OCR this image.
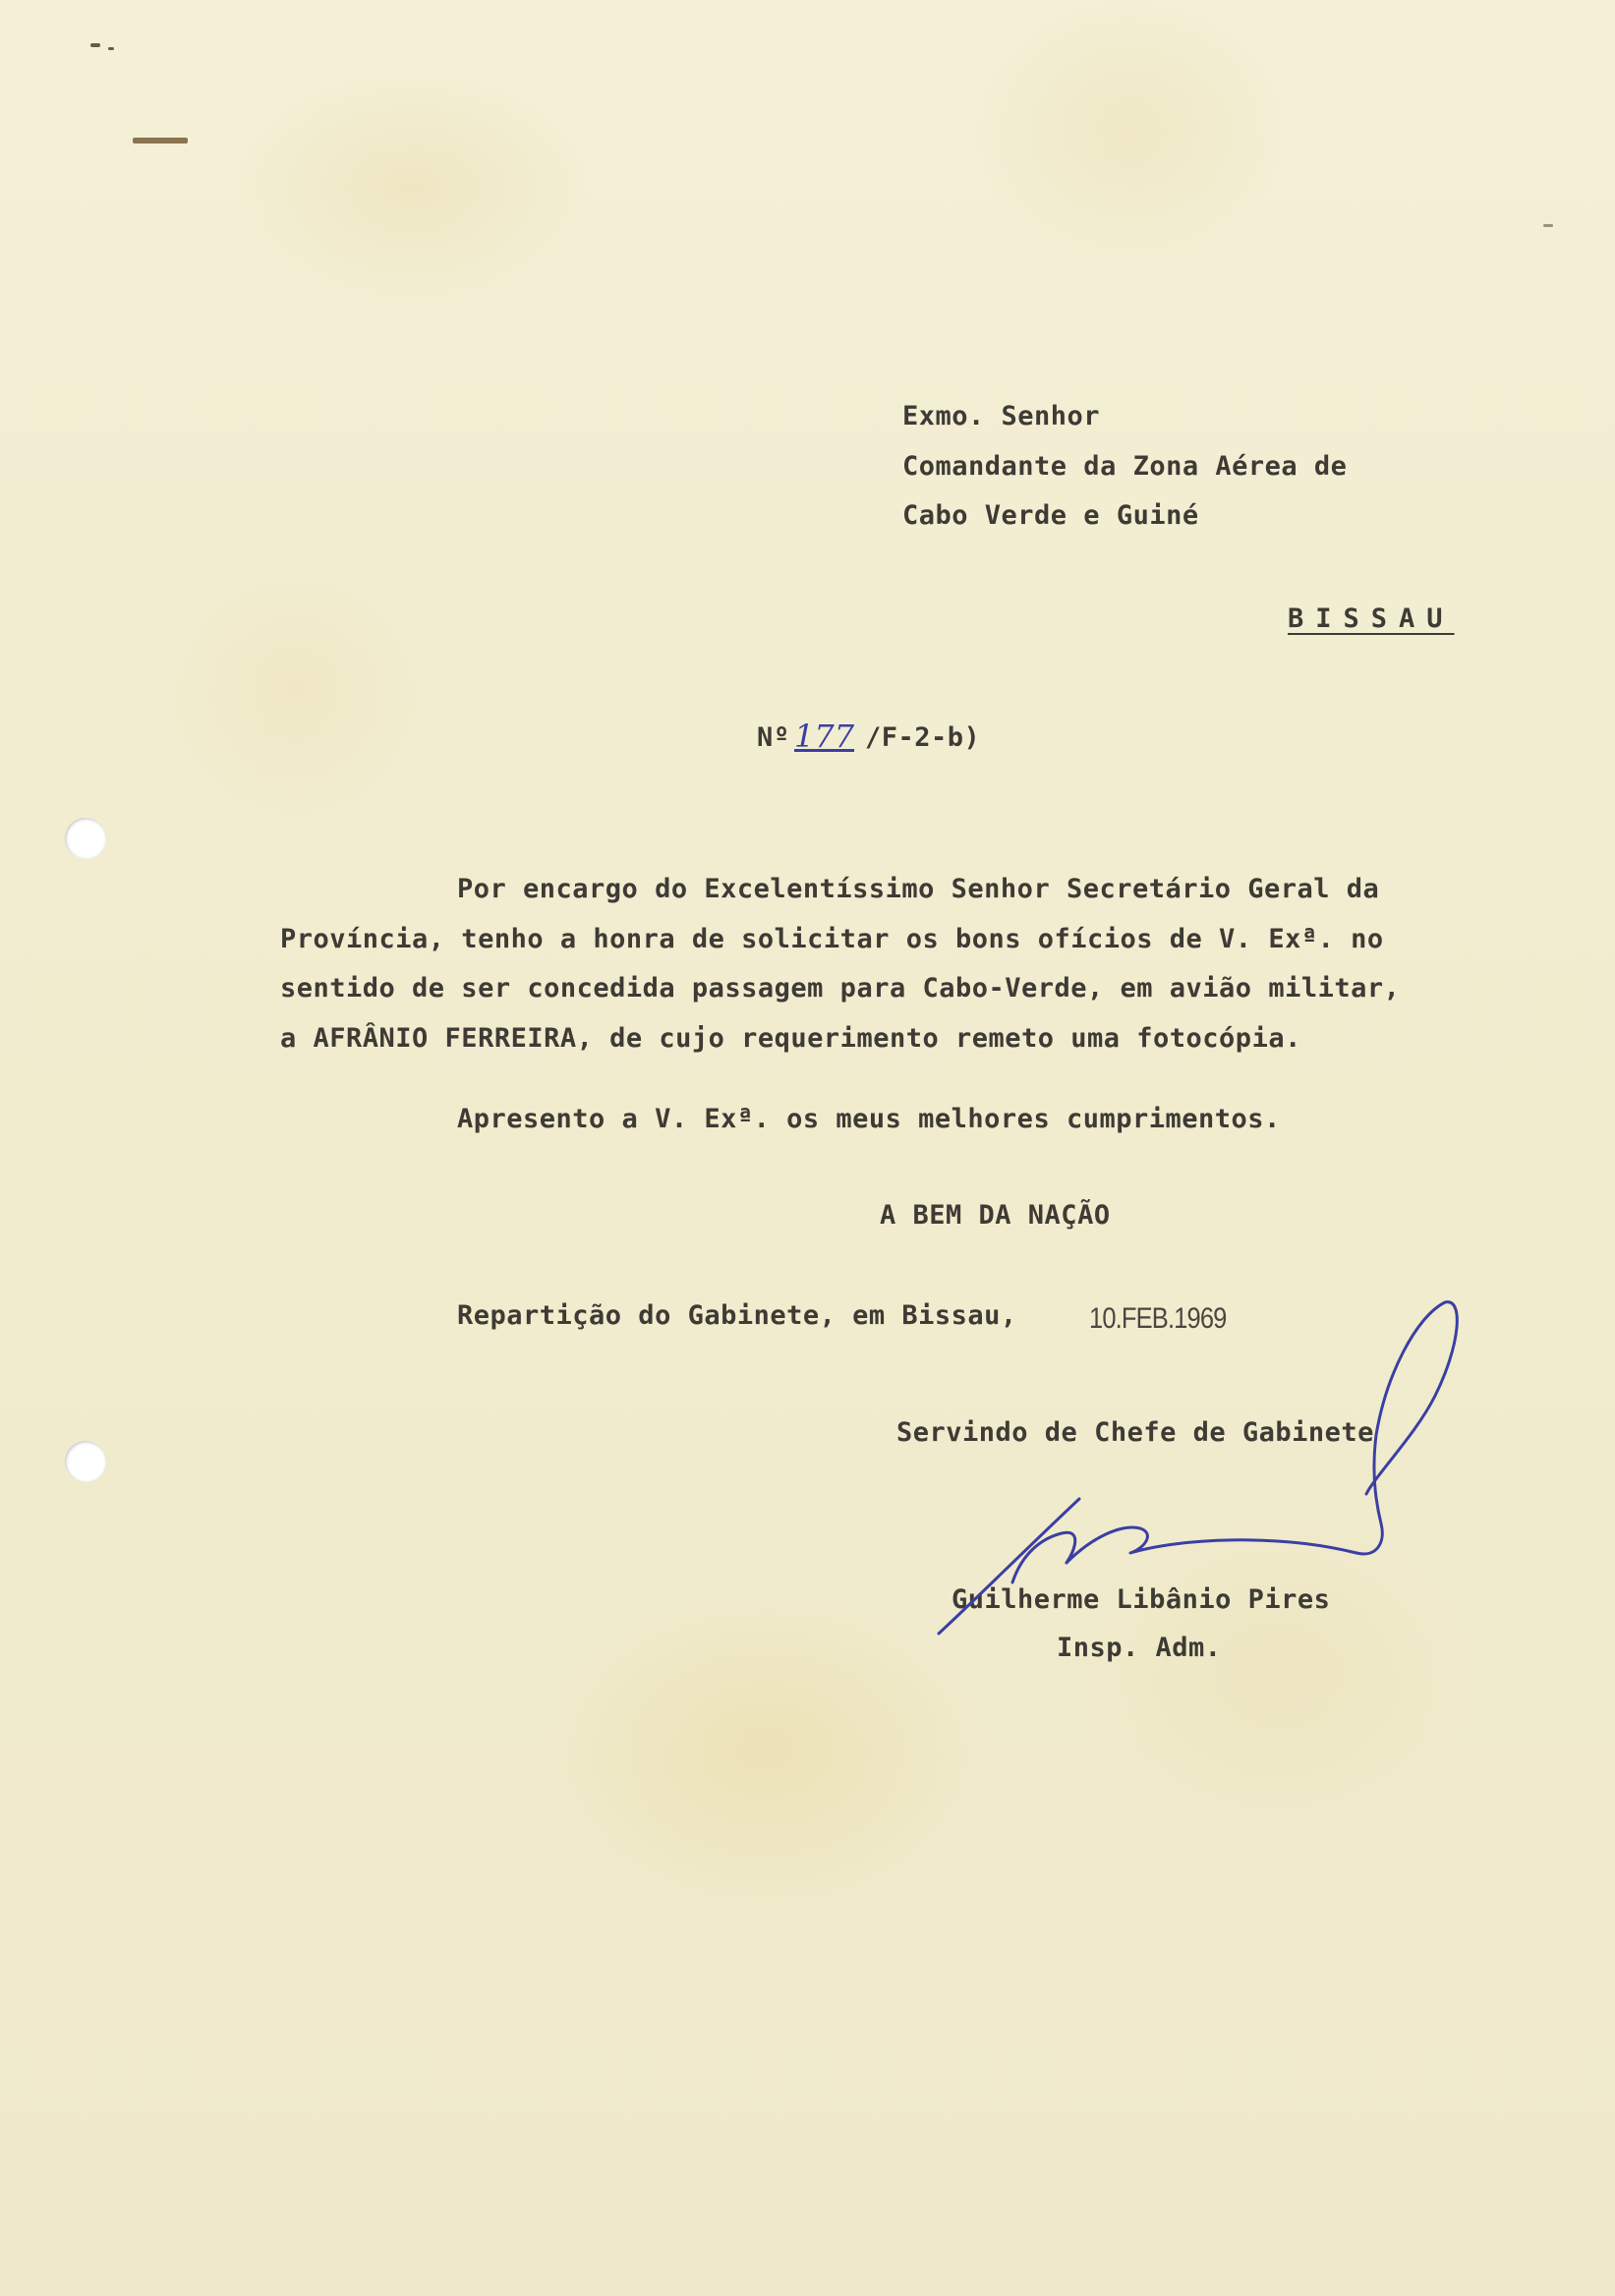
Exmo. Senhor
Comandante da Zona Aérea de
Cabo Verde e Guiné
BISSAU
Nº 177 /F-2-b)
Por encargo do Excelentíssimo Senhor Secretário Geral da
Província, tenho a honra de solicitar os bons ofícios de V. Exª. no
sentido de ser concedida passagem para Cabo-Verde, em avião militar,
a AFRÂNIO FERREIRA, de cujo requerimento remeto uma fotocópia.
Apresento a V. Exª. os meus melhores cumprimentos.
A BEM DA NAÇÃO
Repartição do Gabinete, em Bissau, 10.FEB.1969
Servindo de Chefe de Gabinete
Guilherme Libânio Pires
Insp. Adm.
